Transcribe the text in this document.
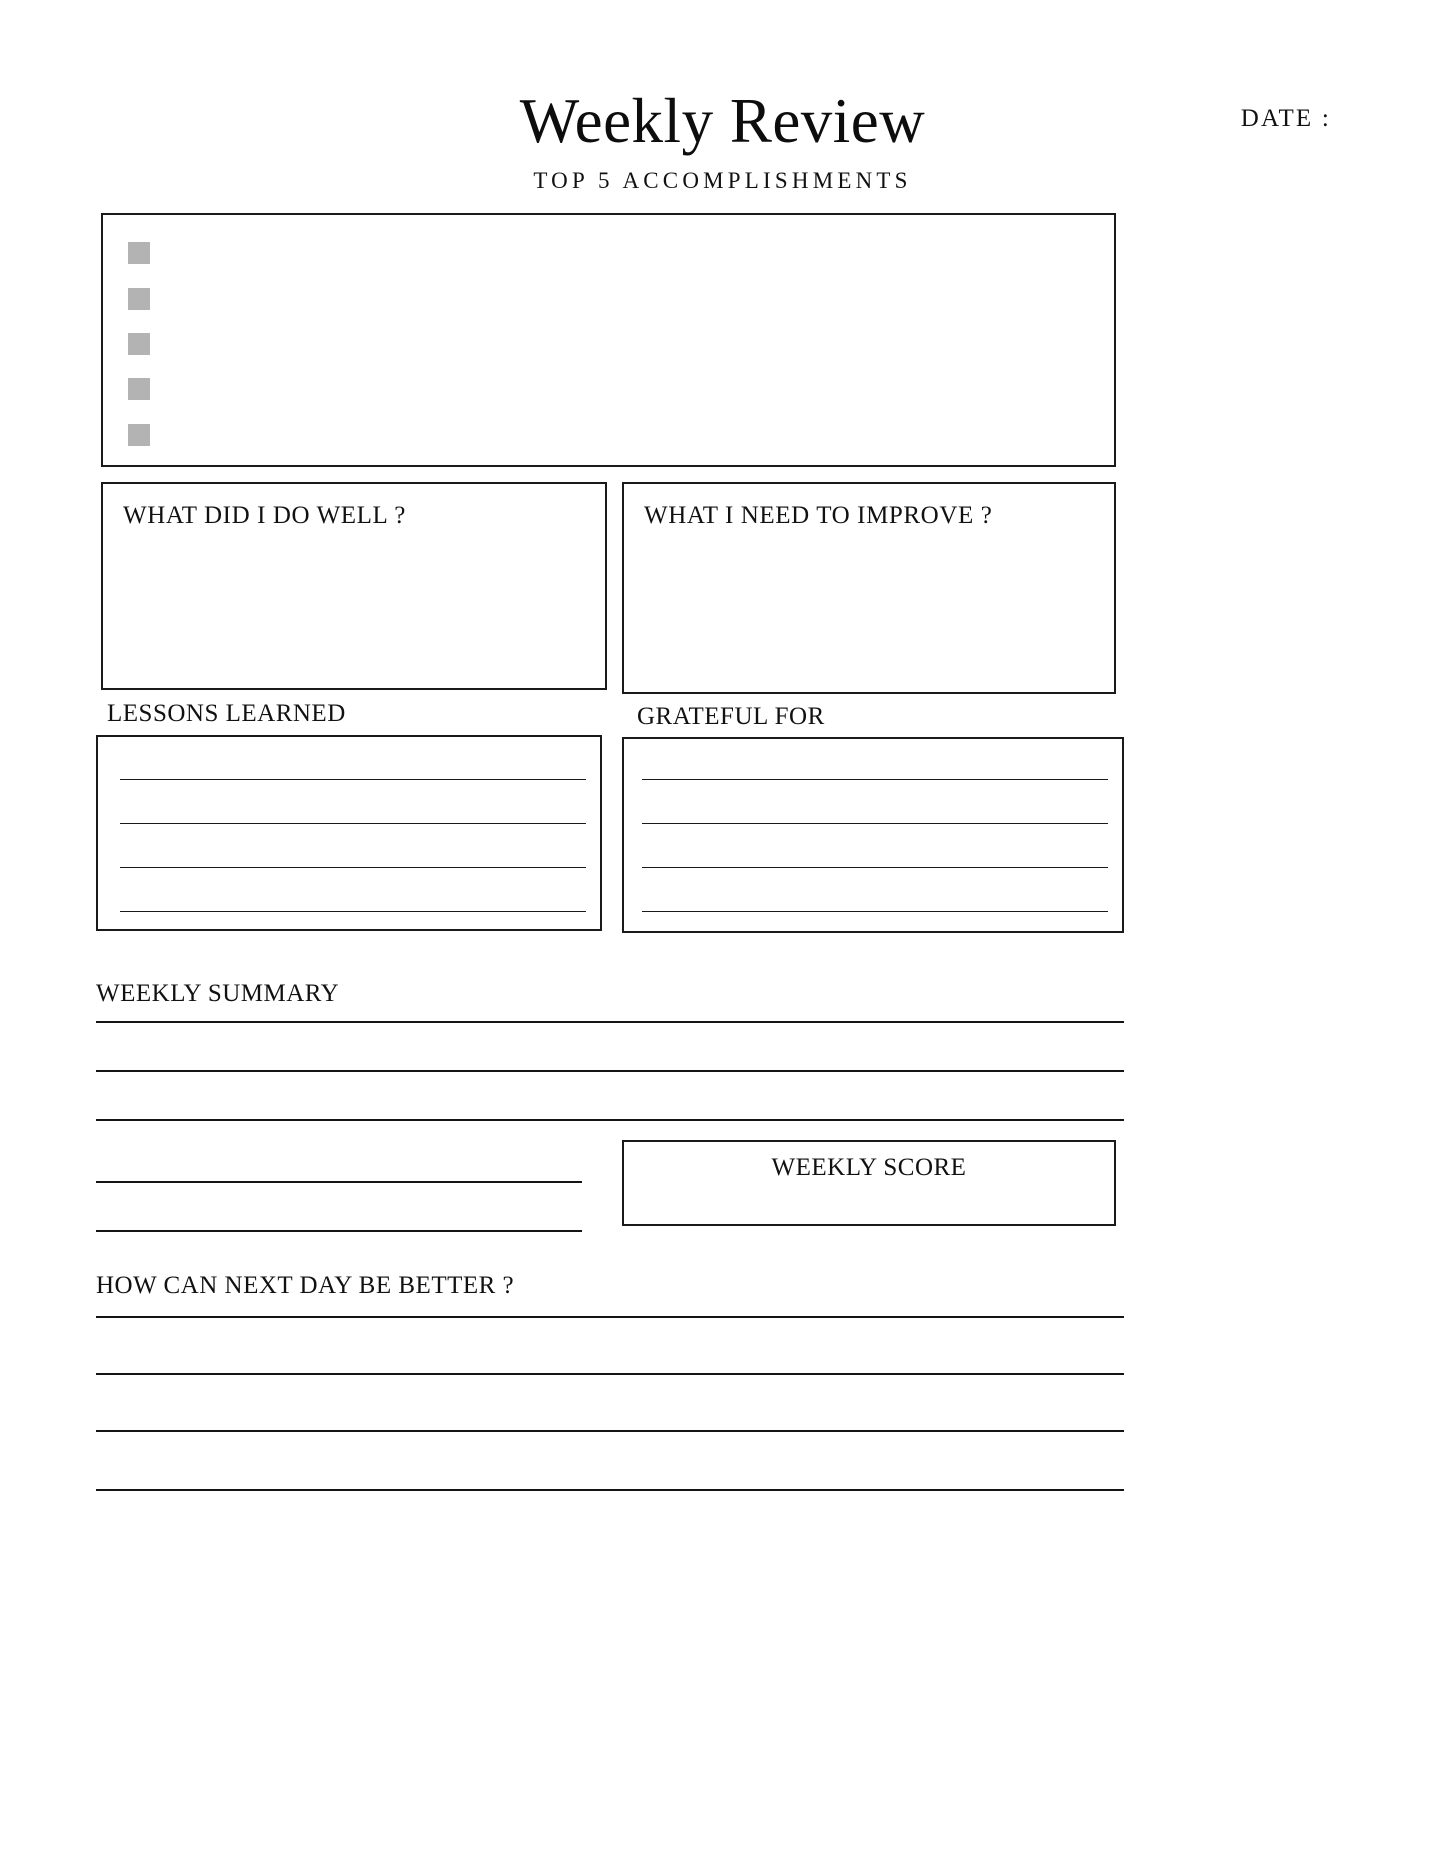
Weekly Review
TOP 5 ACCOMPLISHMENTS
DATE :
WHAT DID I DO WELL ?	WHAT I NEED TO IMPROVE ?
LESSONS LEARNED	GRATEFUL FOR
WEEKLY SUMMARY
WEEKLY SCORE
HOW CAN NEXT DAY BE BETTER ?
